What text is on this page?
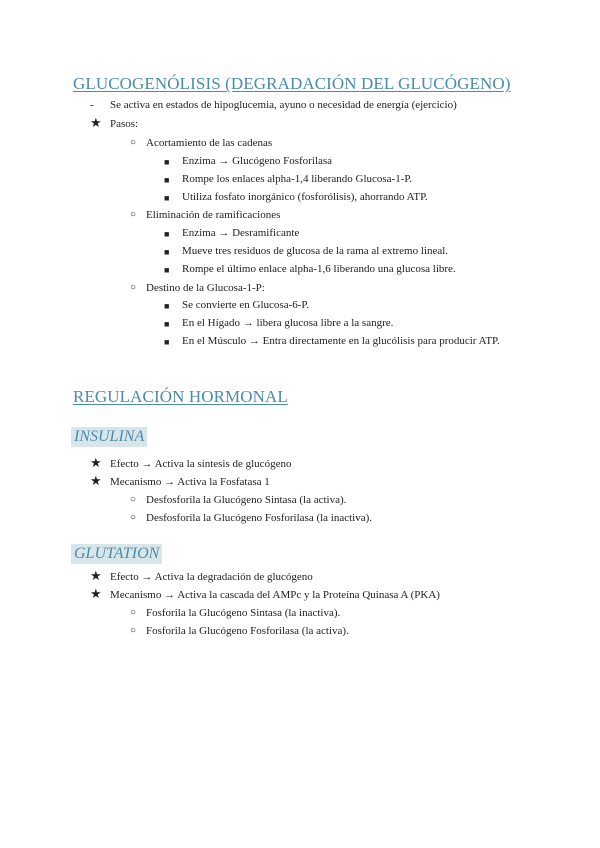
GLUCOGENÓLISIS (DEGRADACIÓN DEL GLUCÓGENO)
- Se activa en estados de hipoglucemia, ayuno o necesidad de energía (ejercicio)
★ Pasos:
○ Acortamiento de las cadenas
■ Enzima → Glucógeno Fosforilasa
■ Rompe los enlaces alpha-1,4 liberando Glucosa-1-P.
■ Utiliza fosfato inorgánico (fosforólisis), ahorrando ATP.
○ Eliminación de ramificaciones
■ Enzima → Desramificante
■ Mueve tres residuos de glucosa de la rama al extremo lineal.
■ Rompe el último enlace alpha-1,6 liberando una glucosa libre.
○ Destino de la Glucosa-1-P:
■ Se convierte en Glucosa-6-P.
■ En el Hígado → libera glucosa libre a la sangre.
■ En el Músculo → Entra directamente en la glucólisis para producir ATP.
REGULACIÓN HORMONAL
INSULINA
★ Efecto → Activa la síntesis de glucógeno
★ Mecanismo → Activa la Fosfatasa 1
○ Desfosforila la Glucógeno Sintasa (la activa).
○ Desfosforila la Glucógeno Fosforilasa (la inactiva).
GLUTATION
★ Efecto → Activa la degradación de glucógeno
★ Mecanismo → Activa la cascada del AMPc y la Proteína Quinasa A (PKA)
○ Fosforila la Glucógeno Sintasa (la inactiva).
○ Fosforila la Glucógeno Fosforilasa (la activa).
